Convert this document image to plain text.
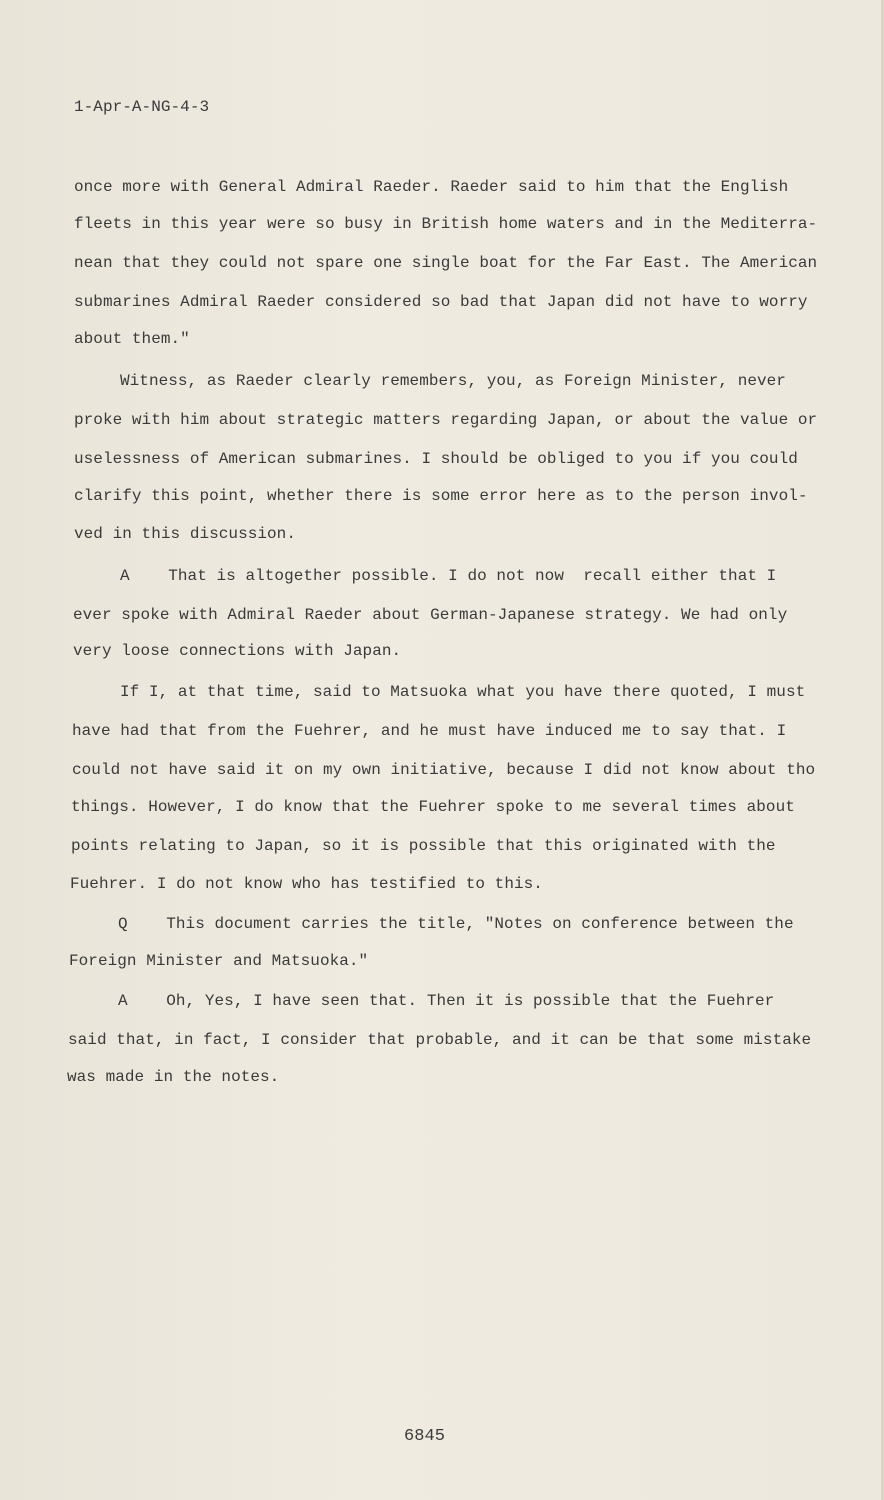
1-Apr-A-NG-4-3
once more with General Admiral Raeder. Raeder said to him that the English
fleets in this year were so busy in British home waters and in the Mediterra-
nean that they could not spare one single boat for the Far East. The American
submarines Admiral Raeder considered so bad that Japan did not have to worry
about them."
Witness, as Raeder clearly remembers, you, as Foreign Minister, never
proke with him about strategic matters regarding Japan, or about the value or
uselessness of American submarines. I should be obliged to you if you could
clarify this point, whether there is some error here as to the person invol-
ved in this discussion.
A    That is altogether possible. I do not now  recall either that I
ever spoke with Admiral Raeder about German-Japanese strategy. We had only
very loose connections with Japan.
If I, at that time, said to Matsuoka what you have there quoted, I must
have had that from the Fuehrer, and he must have induced me to say that. I
could not have said it on my own initiative, because I did not know about tho
things. However, I do know that the Fuehrer spoke to me several times about
points relating to Japan, so it is possible that this originated with the
Fuehrer. I do not know who has testified to this.
Q    This document carries the title, "Notes on conference between the
Foreign Minister and Matsuoka."
A    Oh, Yes, I have seen that. Then it is possible that the Fuehrer
said that, in fact, I consider that probable, and it can be that some mistake
was made in the notes.
6845
